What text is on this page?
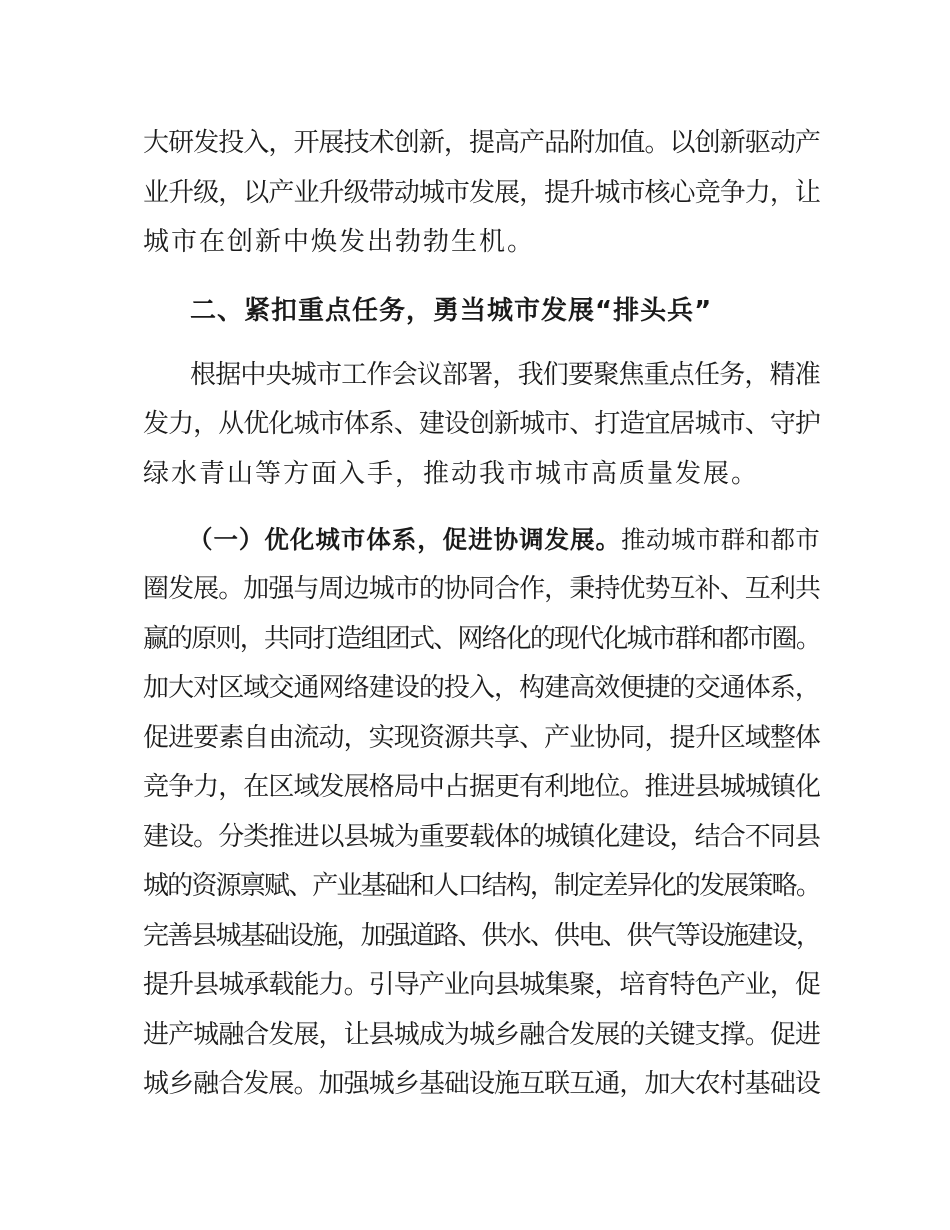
大研发投入，开展技术创新，提高产品附加值。以创新驱动产
业升级，以产业升级带动城市发展，提升城市核心竞争力，让
城市在创新中焕发出勃勃生机。
二、紧扣重点任务，勇当城市发展“排头兵”
根据中央城市工作会议部署，我们要聚焦重点任务，精准
发力，从优化城市体系、建设创新城市、打造宜居城市、守护
绿水青山等方面入手，推动我市城市高质量发展。
（一）优化城市体系，促进协调发展。推动城市群和都市
圈发展。加强与周边城市的协同合作，秉持优势互补、互利共
赢的原则，共同打造组团式、网络化的现代化城市群和都市圈。
加大对区域交通网络建设的投入，构建高效便捷的交通体系，
促进要素自由流动，实现资源共享、产业协同，提升区域整体
竞争力，在区域发展格局中占据更有利地位。推进县城城镇化
建设。分类推进以县城为重要载体的城镇化建设，结合不同县
城的资源禀赋、产业基础和人口结构，制定差异化的发展策略。
完善县城基础设施，加强道路、供水、供电、供气等设施建设，
提升县城承载能力。引导产业向县城集聚，培育特色产业，促
进产城融合发展，让县城成为城乡融合发展的关键支撑。促进
城乡融合发展。加强城乡基础设施互联互通，加大农村基础设
